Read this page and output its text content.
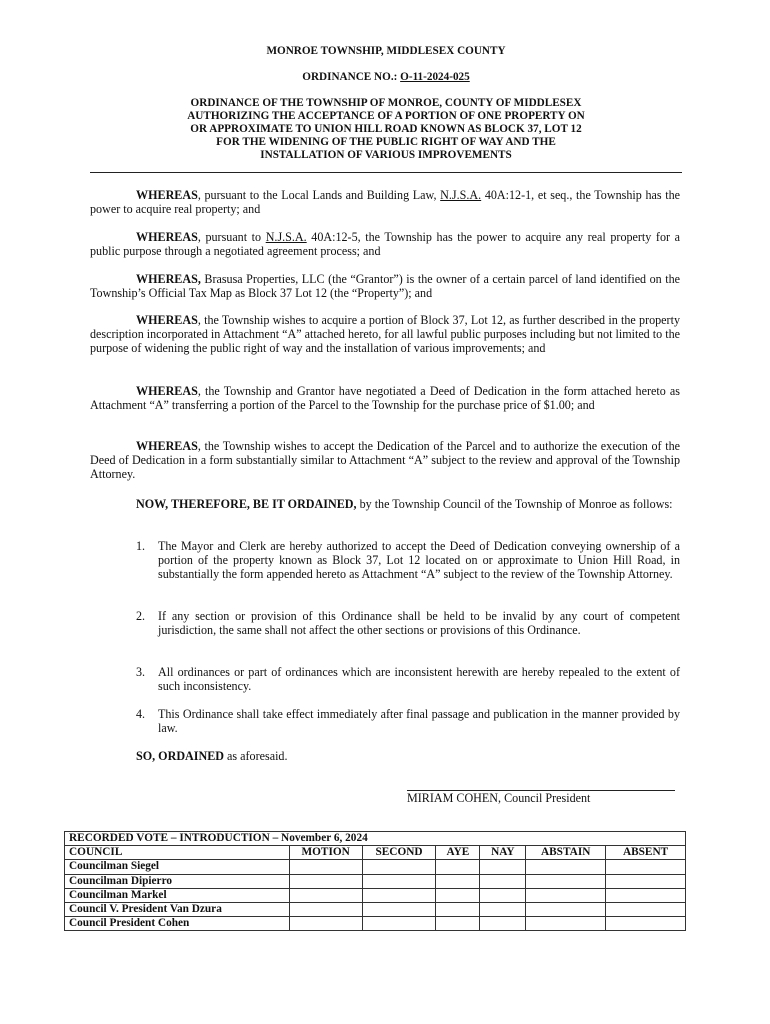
MONROE TOWNSHIP, MIDDLESEX COUNTY
ORDINANCE NO.: O-11-2024-025
ORDINANCE OF THE TOWNSHIP OF MONROE, COUNTY OF MIDDLESEX
AUTHORIZING THE ACCEPTANCE OF A PORTION OF ONE PROPERTY ON
OR APPROXIMATE TO UNION HILL ROAD KNOWN AS BLOCK 37, LOT 12
FOR THE WIDENING OF THE PUBLIC RIGHT OF WAY AND THE
INSTALLATION OF VARIOUS IMPROVEMENTS
WHEREAS, pursuant to the Local Lands and Building Law, N.J.S.A. 40A:12-1, et seq., the Township has the power to acquire real property; and
WHEREAS, pursuant to N.J.S.A. 40A:12-5, the Township has the power to acquire any real property for a public purpose through a negotiated agreement process; and
WHEREAS, Brasusa Properties, LLC (the “Grantor”) is the owner of a certain parcel of land identified on the Township’s Official Tax Map as Block 37 Lot 12 (the “Property”); and
WHEREAS, the Township wishes to acquire a portion of Block 37, Lot 12, as further described in the property description incorporated in Attachment “A” attached hereto, for all lawful public purposes including but not limited to the purpose of widening the public right of way and the installation of various improvements; and
WHEREAS, the Township and Grantor have negotiated a Deed of Dedication in the form attached hereto as Attachment “A” transferring a portion of the Parcel to the Township for the purchase price of $1.00; and
WHEREAS, the Township wishes to accept the Dedication of the Parcel and to authorize the execution of the Deed of Dedication in a form substantially similar to Attachment “A” subject to the review and approval of the Township Attorney.
NOW, THEREFORE, BE IT ORDAINED, by the Township Council of the Township of Monroe as follows:
1. The Mayor and Clerk are hereby authorized to accept the Deed of Dedication conveying ownership of a portion of the property known as Block 37, Lot 12 located on or approximate to Union Hill Road, in substantially the form appended hereto as Attachment “A” subject to the review of the Township Attorney.
2. If any section or provision of this Ordinance shall be held to be invalid by any court of competent jurisdiction, the same shall not affect the other sections or provisions of this Ordinance.
3. All ordinances or part of ordinances which are inconsistent herewith are hereby repealed to the extent of such inconsistency.
4. This Ordinance shall take effect immediately after final passage and publication in the manner provided by law.
SO, ORDAINED as aforesaid.
MIRIAM COHEN, Council President
RECORDED VOTE – INTRODUCTION – November 6, 2024						
COUNCIL	MOTION	SECOND	AYE	NAY	ABSTAIN	ABSENT
Councilman Siegel						
Councilman Dipierro						
Councilman Markel						
Council V. President Van Dzura						
Council President Cohen						
